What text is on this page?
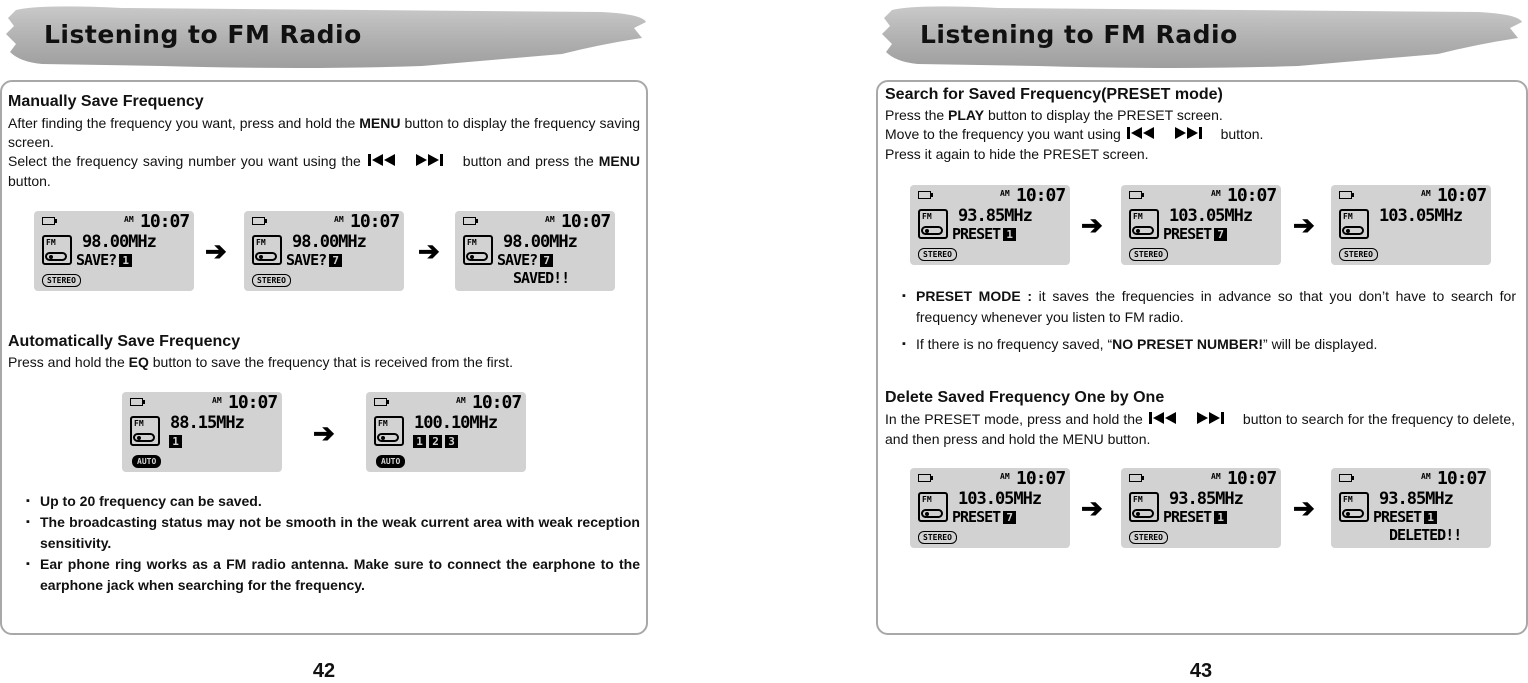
Listening to FM Radio
Manually Save Frequency
After finding the frequency you want, press and hold the MENU button to display the frequency saving screen.
Select the frequency saving number you want using the	button and press the MENU button.
AM 10:07
FM 98.00MHz
SAVE? 1
STEREO
➔
AM 10:07
FM 98.00MHz
SAVE? 7
STEREO
➔
AM 10:07
FM 98.00MHz
SAVE? 7
SAVED!!
Automatically Save Frequency
Press and hold the EQ button to save the frequency that is received from the first.
AM 10:07
FM 88.15MHz
1
AUTO
➔
AM 10:07
FM 100.10MHz
1 2 3
AUTO
▪ Up to 20 frequency can be saved.
▪ The broadcasting status may not be smooth in the weak current area with weak reception sensitivity.
▪ Ear phone ring works as a FM radio antenna. Make sure to connect the earphone to the earphone jack when searching for the frequency.
42
Listening to FM Radio
Search for Saved Frequency(PRESET mode)
Press the PLAY button to display the PRESET screen.
Move to the frequency you want using	button.
Press it again to hide the PRESET screen.
AM 10:07
FM 93.85MHz
PRESET 1
STEREO
➔
AM 10:07
FM 103.05MHz
PRESET 7
STEREO
➔
AM 10:07
FM 103.05MHz
STEREO
▪ PRESET MODE : it saves the frequencies in advance so that you don’t have to search for frequency whenever you listen to FM radio.
▪ If there is no frequency saved, “NO PRESET NUMBER!” will be displayed.
Delete Saved Frequency One by One
In the PRESET mode, press and hold the	button to search for the frequency to delete, and then press and hold the MENU button.
AM 10:07
FM 103.05MHz
PRESET 7
STEREO
➔
AM 10:07
FM 93.85MHz
PRESET 1
STEREO
➔
AM 10:07
FM 93.85MHz
PRESET 1
DELETED!!
43
